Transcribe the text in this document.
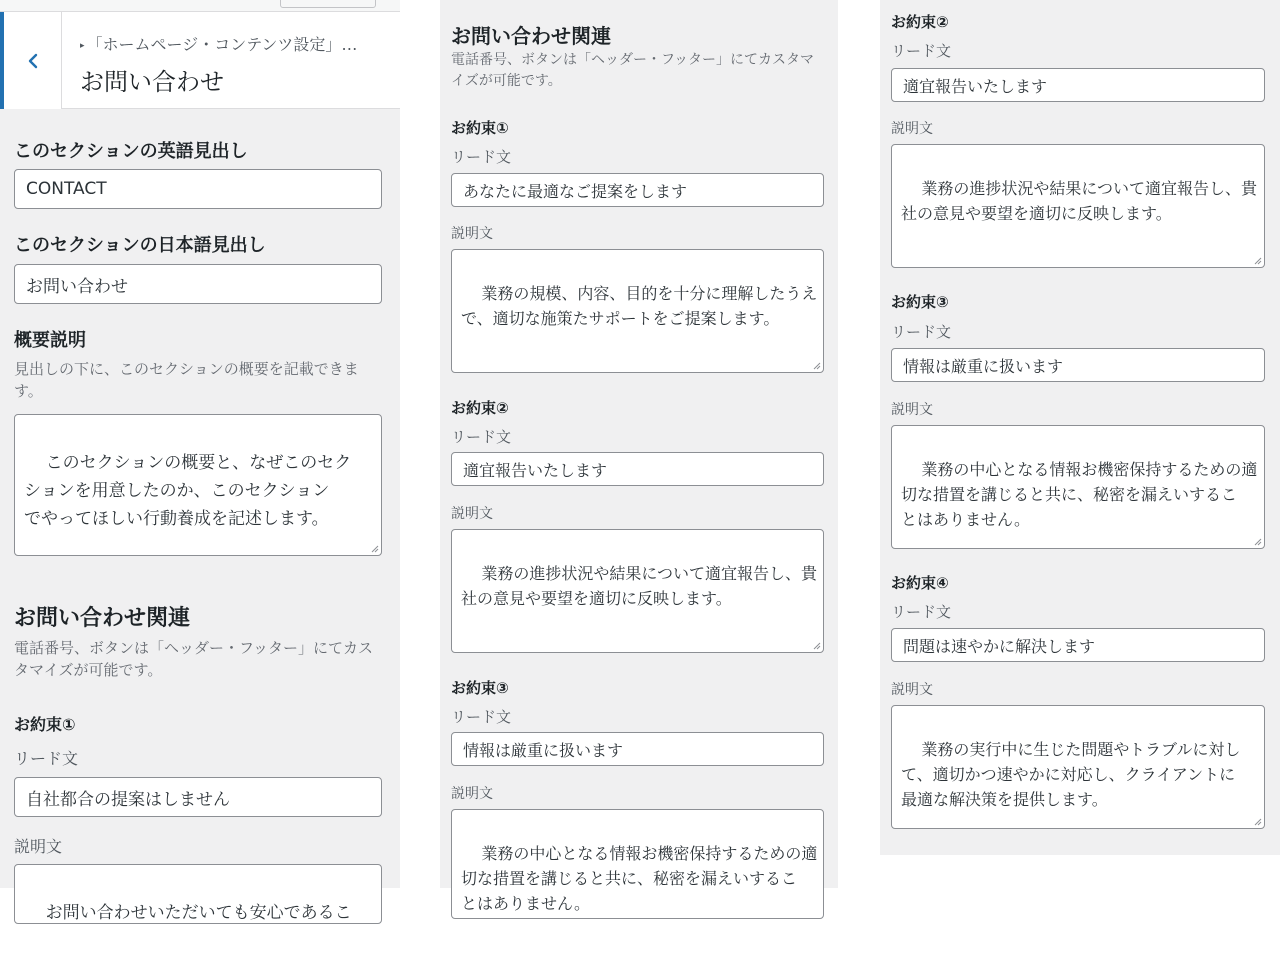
▸ 「ホームページ・コンテンツ設定」…
お問い合わせ
このセクションの英語見出し
CONTACT
このセクションの日本語見出し
お問い合わせ
概要説明
見出しの下に、このセクションの概要を記載できます。

このセクションの概要と、なぜこのセク
ションを用意したのか、このセクション
でやってほしい行動養成を記述します。

お問い合わせ関連
電話番号、ボタンは「ヘッダー・フッター」にてカスタマイズが可能です。
お約束①
リード文
自社都合の提案はしません
説明文

お問い合わせいただいても安心であるこ

お問い合わせ関連
電話番号、ボタンは「ヘッダー・フッター」にてカスタマイズが可能です。
お約束①
リード文
あなたに最適なご提案をします
説明文

業務の規模、内容、目的を十分に理解したうえ
で、適切な施策たサポートをご提案します。

お約束②
リード文
適宜報告いたします
説明文

業務の進捗状況や結果について適宜報告し、貴
社の意見や要望を適切に反映します。

お約束③
リード文
情報は厳重に扱います
説明文

業務の中心となる情報お機密保持するための適
切な措置を講じると共に、秘密を漏えいするこ
とはありません。

お約束②
リード文
適宜報告いたします
説明文

業務の進捗状況や結果について適宜報告し、貴
社の意見や要望を適切に反映します。

お約束③
リード文
情報は厳重に扱います
説明文

業務の中心となる情報お機密保持するための適
切な措置を講じると共に、秘密を漏えいするこ
とはありません。

お約束④
リード文
問題は速やかに解決します
説明文

業務の実行中に生じた問題やトラブルに対し
て、適切かつ速やかに対応し、クライアントに
最適な解決策を提供します。
